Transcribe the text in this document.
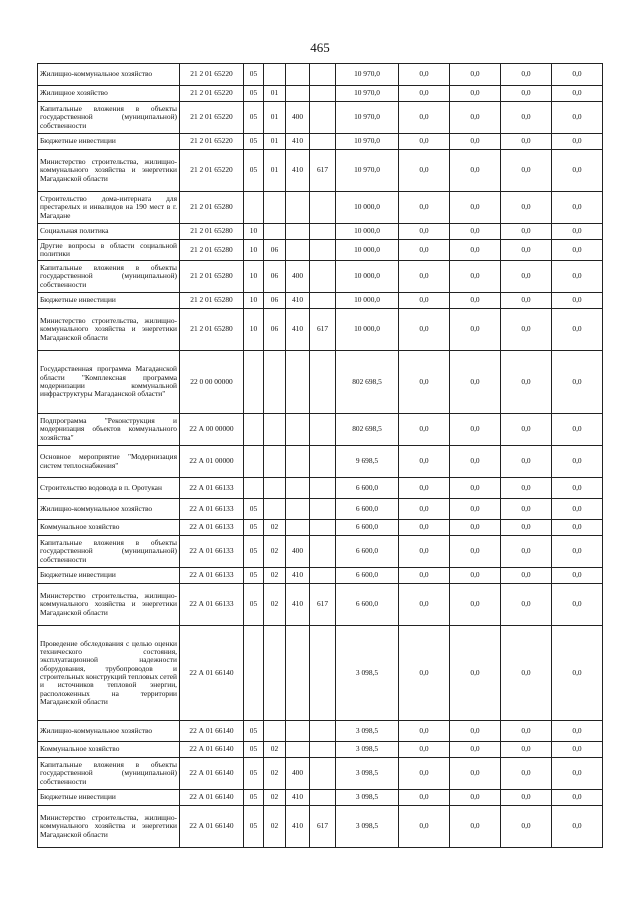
465
Жилищно-коммунальное хозяйство	21 2 01 65220	05				10 970,0	0,0	0,0	0,0	0,0
Жилищное хозяйство	21 2 01 65220	05	01			10 970,0	0,0	0,0	0,0	0,0
Капитальные вложения в объекты государственной (муниципальной) собственности	21 2 01 65220	05	01	400		10 970,0	0,0	0,0	0,0	0,0
Бюджетные инвестиции	21 2 01 65220	05	01	410		10 970,0	0,0	0,0	0,0	0,0
Министерство строительства, жилищно-коммунального хозяйства и энергетики Магаданской области	21 2 01 65220	05	01	410	617	10 970,0	0,0	0,0	0,0	0,0
Строительство дома-интерната для престарелых и инвалидов на 190 мест в г. Магадане	21 2 01 65280					10 000,0	0,0	0,0	0,0	0,0
Социальная политика	21 2 01 65280	10				10 000,0	0,0	0,0	0,0	0,0
Другие вопросы в области социальной политики	21 2 01 65280	10	06			10 000,0	0,0	0,0	0,0	0,0
Капитальные вложения в объекты государственной (муниципальной) собственности	21 2 01 65280	10	06	400		10 000,0	0,0	0,0	0,0	0,0
Бюджетные инвестиции	21 2 01 65280	10	06	410		10 000,0	0,0	0,0	0,0	0,0
Министерство строительства, жилищно-коммунального хозяйства и энергетики Магаданской области	21 2 01 65280	10	06	410	617	10 000,0	0,0	0,0	0,0	0,0
Государственная программа Магаданской области "Комплексная программа модернизации коммунальной инфраструктуры Магаданской области"	22 0 00 00000					802 698,5	0,0	0,0	0,0	0,0
Подпрограмма "Реконструкция и модернизация объектов коммунального хозяйства"	22 А 00 00000					802 698,5	0,0	0,0	0,0	0,0
Основное мероприятие "Модернизация систем теплоснабжения"	22 А 01 00000					9 698,5	0,0	0,0	0,0	0,0
Строительство водовода в п. Оротукан	22 А 01 66133					6 600,0	0,0	0,0	0,0	0,0
Жилищно-коммунальное хозяйство	22 А 01 66133	05				6 600,0	0,0	0,0	0,0	0,0
Коммунальное хозяйство	22 А 01 66133	05	02			6 600,0	0,0	0,0	0,0	0,0
Капитальные вложения в объекты государственной (муниципальной) собственности	22 А 01 66133	05	02	400		6 600,0	0,0	0,0	0,0	0,0
Бюджетные инвестиции	22 А 01 66133	05	02	410		6 600,0	0,0	0,0	0,0	0,0
Министерство строительства, жилищно-коммунального хозяйства и энергетики Магаданской области	22 А 01 66133	05	02	410	617	6 600,0	0,0	0,0	0,0	0,0
Проведение обследования с целью оценки технического состояния, эксплуатационной надежности оборудования, трубопроводов и строительных конструкций тепловых сетей и источников тепловой энергии, расположенных на территории Магаданской области	22 А 01 66140					3 098,5	0,0	0,0	0,0	0,0
Жилищно-коммунальное хозяйство	22 А 01 66140	05				3 098,5	0,0	0,0	0,0	0,0
Коммунальное хозяйство	22 А 01 66140	05	02			3 098,5	0,0	0,0	0,0	0,0
Капитальные вложения в объекты государственной (муниципальной) собственности	22 А 01 66140	05	02	400		3 098,5	0,0	0,0	0,0	0,0
Бюджетные инвестиции	22 А 01 66140	05	02	410		3 098,5	0,0	0,0	0,0	0,0
Министерство строительства, жилищно-коммунального хозяйства и энергетики Магаданской области	22 А 01 66140	05	02	410	617	3 098,5	0,0	0,0	0,0	0,0
